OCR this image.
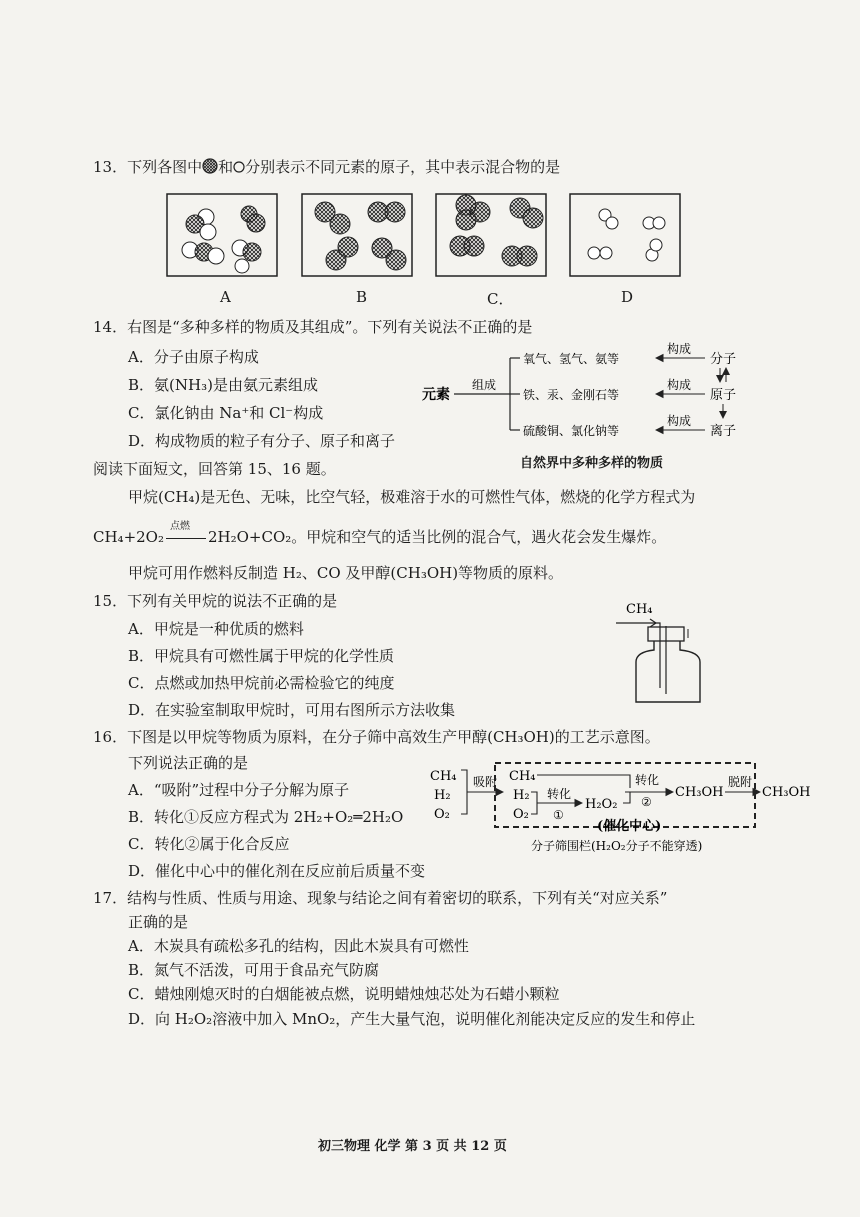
13．下列各图中 和 分别表示不同元素的原子，其中表示混合物的是
A	B	C．	D
14．右图是“多种多样的物质及其组成”。下列有关说法不正确的是
A．分子由原子构成
B．氨(NH₃)是由氨元素组成
C．氯化钠由 Na⁺和 Cl⁻构成
D．构成物质的粒子有分子、原子和离子
元素
组成
氧气、氢气、氨等
铁、汞、金刚石等
硫酸铜、氯化钠等
构成
构成
构成
分子
原子
离子
自然界中多种多样的物质
阅读下面短文，回答第 15、16 题。
甲烷(CH₄)是无色、无味，比空气轻，极难溶于水的可燃性气体，燃烧的化学方程式为
CH₄+2O₂
点燃
2H₂O+CO₂。甲烷和空气的适当比例的混合气，遇火花会发生爆炸。
甲烷可用作燃料反制造 H₂、CO 及甲醇(CH₃OH)等物质的原料。
15．下列有关甲烷的说法不正确的是
A．甲烷是一种优质的燃料
B．甲烷具有可燃性属于甲烷的化学性质
C．点燃或加热甲烷前必需检验它的纯度
D．在实验室制取甲烷时，可用右图所示方法收集
CH₄
16．下图是以甲烷等物质为原料，在分子筛中高效生产甲醇(CH₃OH)的工艺示意图。
下列说法正确的是
A．“吸附”过程中分子分解为原子
B．转化①反应方程式为 2H₂+O₂═2H₂O
C．转化②属于化合反应
D．催化中心中的催化剂在反应前后质量不变
CH₄
H₂
O₂
吸附 CH₄
H₂
O₂
转化
①
H₂O₂
转化
②
CH₃OH
脱附
CH₃OH
(催化中心)
分子筛围栏(H₂O₂分子不能穿透)
17．结构与性质、性质与用途、现象与结论之间有着密切的联系，下列有关“对应关系”
正确的是
A．木炭具有疏松多孔的结构，因此木炭具有可燃性
B．氮气不活泼，可用于食品充气防腐
C．蜡烛刚熄灭时的白烟能被点燃，说明蜡烛烛芯处为石蜡小颗粒
D．向 H₂O₂溶液中加入 MnO₂，产生大量气泡，说明催化剂能决定反应的发生和停止
初三物理 化学 第 3 页 共 12 页
